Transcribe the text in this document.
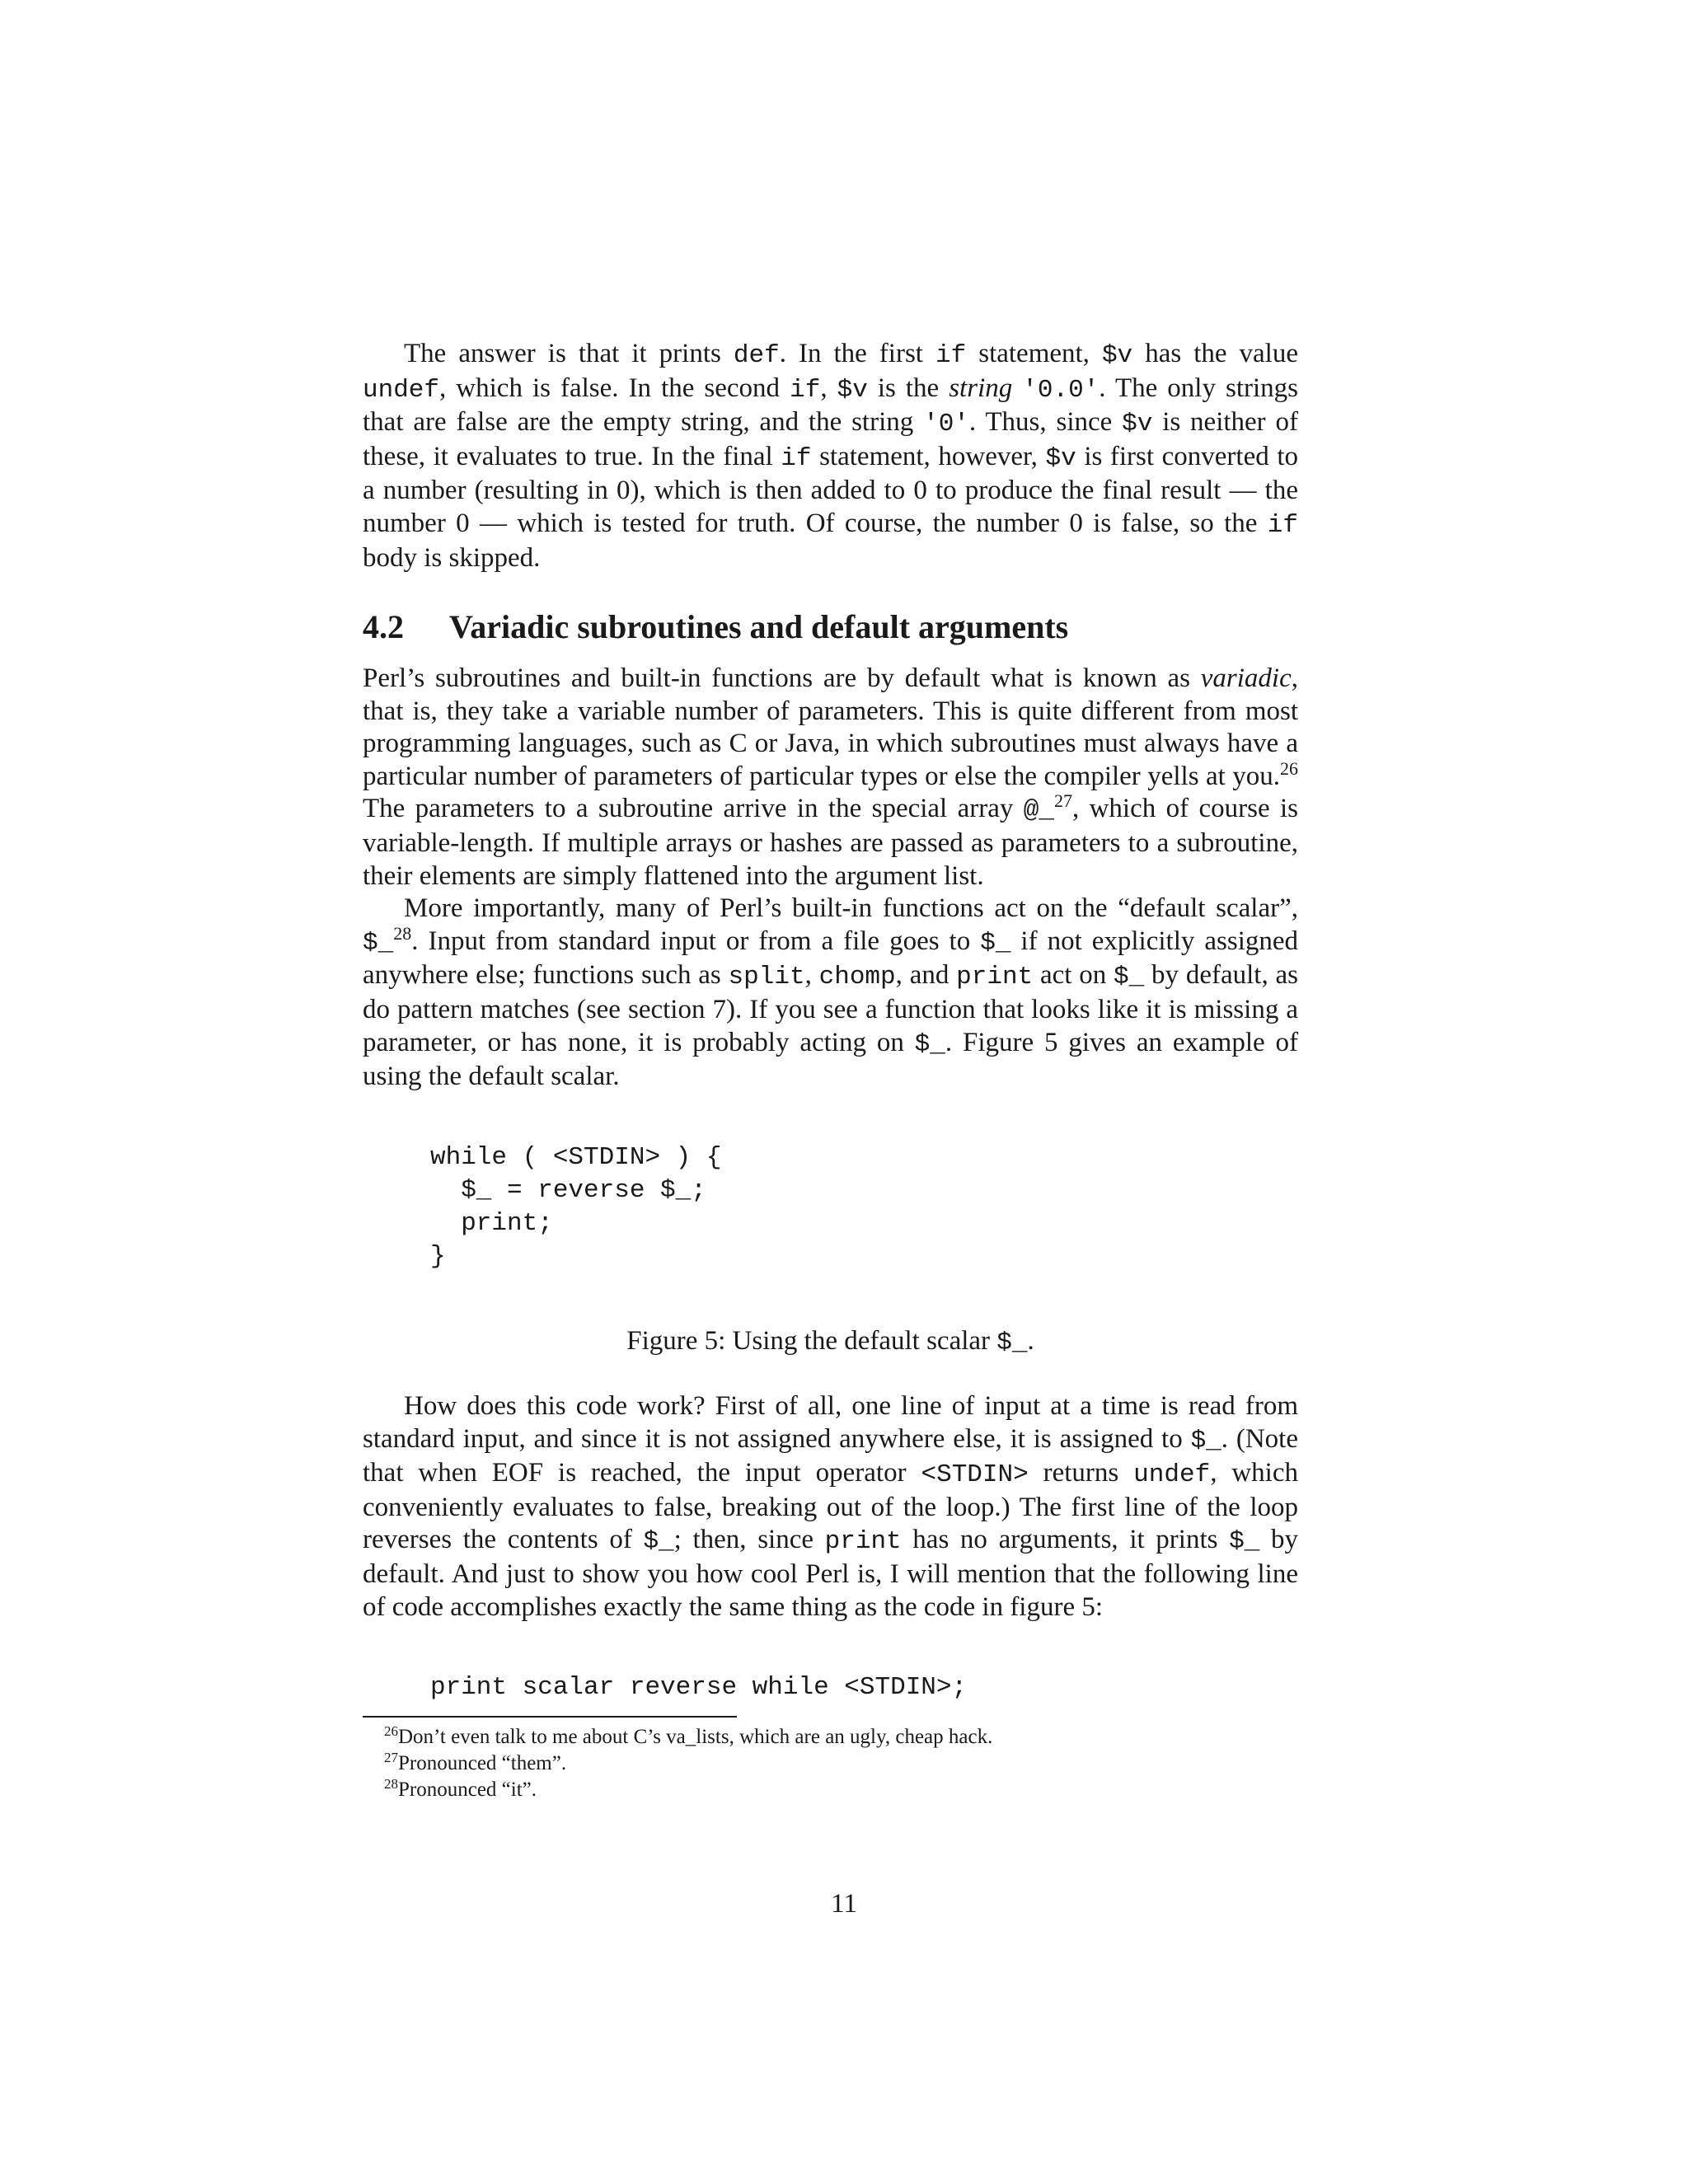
The answer is that it prints def. In the first if statement, $v has the value undef, which is false. In the second if, $v is the string '0.0'. The only strings that are false are the empty string, and the string '0'. Thus, since $v is neither of these, it evaluates to true. In the final if statement, however, $v is first converted to a number (resulting in 0), which is then added to 0 to produce the final result — the number 0 — which is tested for truth. Of course, the number 0 is false, so the if body is skipped.

4.2 Variadic subroutines and default arguments

Perl’s subroutines and built-in functions are by default what is known as variadic, that is, they take a variable number of parameters. This is quite different from most programming languages, such as C or Java, in which subroutines must always have a particular number of parameters of particular types or else the compiler yells at you.$^{26}$ The parameters to a subroutine arrive in the special array @_$^{27}$, which of course is variable-length. If multiple arrays or hashes are passed as parameters to a subroutine, their elements are simply flattened into the argument list.

More importantly, many of Perl’s built-in functions act on the “default scalar”, $_$^{28}$. Input from standard input or from a file goes to $_ if not explicitly assigned anywhere else; functions such as split, chomp, and print act on $_ by default, as do pattern matches (see section 7). If you see a function that looks like it is missing a parameter, or has none, it is probably acting on $_. Figure 5 gives an example of using the default scalar.

while ( <STDIN> ) {
$_ = reverse $_;
print;
}
Figure 5: Using the default scalar $_.

How does this code work? First of all, one line of input at a time is read from standard input, and since it is not assigned anywhere else, it is assigned to $_. (Note that when EOF is reached, the input operator <STDIN> returns undef, which conveniently evaluates to false, breaking out of the loop.) The first line of the loop reverses the contents of $_; then, since print has no arguments, it prints $_ by default. And just to show you how cool Perl is, I will mention that the following line of code accomplishes exactly the same thing as the code in figure 5:

print scalar reverse while <STDIN>;
$^{26}$Don’t even talk to me about C’s va_lists, which are an ugly, cheap hack.
$^{27}$Pronounced “them”.
$^{28}$Pronounced “it”.
11
